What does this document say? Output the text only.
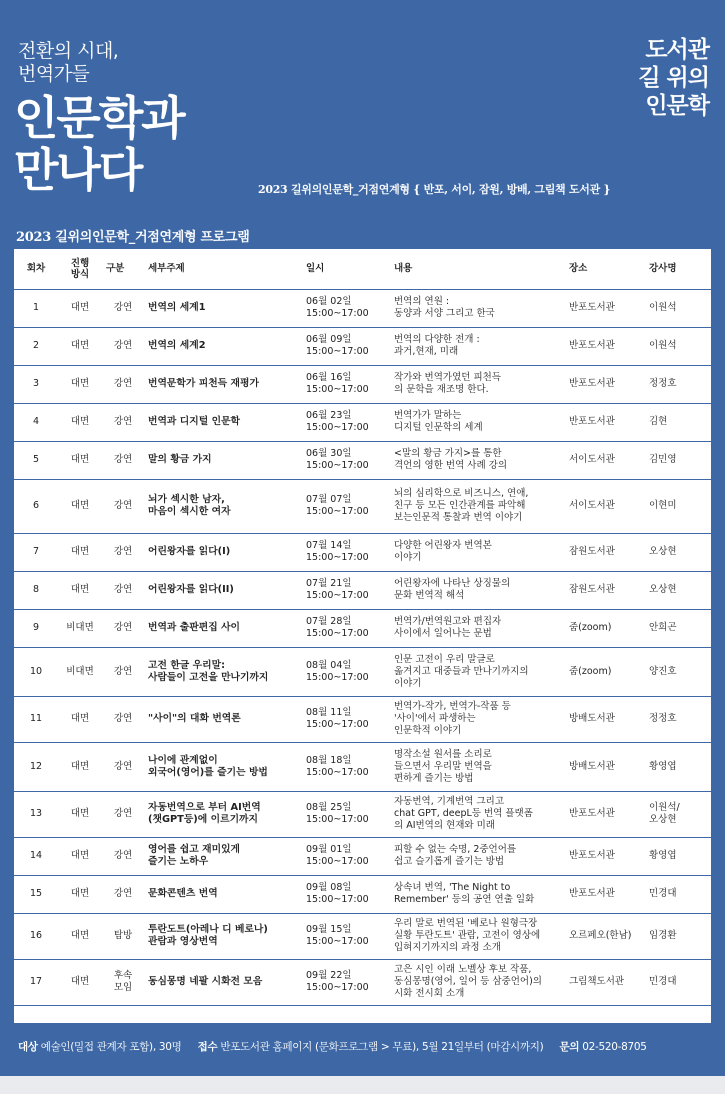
전환의 시대,
번역가들
인문학과
만나다
도서관
길 위의
인문학
2023 길위의인문학_거점연계형 { 반포, 서이, 잠원, 방배, 그림책 도서관 }
2023 길위의인문학_거점연계형 프로그램
회차	진행
방식	구분	세부주제	일시	내용	장소	강사명
1	대면	강연	번역의 세계1	06월 02일
15:00~17:00	번역의 연원 :
동양과 서양 그리고 한국	반포도서관	이원석
2	대면	강연	번역의 세계2	06월 09일
15:00~17:00	번역의 다양한 전개 :
과거,현재, 미래	반포도서관	이원석
3	대면	강연	번역문학가 피천득 재평가	06월 16일
15:00~17:00	작가와 번역가였던 피천득
의 문학을 재조명 한다.	반포도서관	정정호
4	대면	강연	번역과 디지털 인문학	06월 23일
15:00~17:00	번역가가 말하는
디지털 인문학의 세계	반포도서관	김현
5	대면	강연	말의 황금 가지	06월 30일
15:00~17:00	<말의 황금 가지>를 통한
격언의 영한 번역 사례 강의	서이도서관	김민영
6	대면	강연	뇌가 섹시한 남자,
마음이 섹시한 여자	07월 07일
15:00~17:00	뇌의 심리학으로 비즈니스, 연애,
친구 등 모든 인간관계를 파악해
보는인문적 통찰과 번역 이야기	서이도서관	이현미
7	대면	강연	어린왕자를 읽다(I)	07월 14일
15:00~17:00	다양한 어린왕자 번역본
이야기	잠원도서관	오상현
8	대면	강연	어린왕자를 읽다(II)	07월 21일
15:00~17:00	어린왕자에 나타난 상징물의
문화 번역적 해석	잠원도서관	오상현
9	비대면	강연	번역과 출판편집 사이	07월 28일
15:00~17:00	번역가/번역원고와 편집자
사이에서 일어나는 문법	줌(zoom)	안희곤
10	비대면	강연	고전 한글 우리말:
사람들이 고전을 만나기까지	08월 04일
15:00~17:00	인문 고전이 우리 말글로
옮겨지고 대중들과 만나기까지의
이야기	줌(zoom)	양진호
11	대면	강연	"사이"의 대화 번역론	08월 11일
15:00~17:00	번역가-작가, 번역가-작품 등
'사이'에서 파생하는
인문학적 이야기	방배도서관	정정호
12	대면	강연	나이에 관계없이
외국어(영어)를 즐기는 방법	08월 18일
15:00~17:00	명작소설 원서를 소리로
들으면서 우리말 번역을
편하게 즐기는 방법	방배도서관	황영엽
13	대면	강연	자동번역으로 부터 AI번역
(챗GPT등)에 이르기까지	08월 25일
15:00~17:00	자동번역, 기계번역 그리고
chat GPT, deepL등 번역 플랫폼
의 AI번역의 현재와 미래	반포도서관	이원석/
오상현
14	대면	강연	영어를 쉽고 재미있게
즐기는 노하우	09월 01일
15:00~17:00	피할 수 없는 숙명, 2중언어를
쉽고 슬기롭게 즐기는 방법	반포도서관	황영엽
15	대면	강연	문화콘텐츠 번역	09월 08일
15:00~17:00	상속녀 번역, 'The Night to
Remember' 등의 공연 연출 일화	반포도서관	민경대
16	대면	탐방	투란도트(아레나 디 베로나)
관람과 영상번역	09월 15일
15:00~17:00	우리 말로 번역된 '베로나 원형극장
실황 투란도트' 관람, 고전이 영상에
입혀지기까지의 과정 소개	오르페오(한남)	임경환
17	대면	후속
모임	동심몽명 네팔 시화전 모음	09월 22일
15:00~17:00	고은 시인 이래 노벨상 후보 작품,
동심몽명(영어, 일어 등 삼중언어)의
시화 전시회 소개	그림책도서관	민경대
대상 예술인(밀접 관계자 포함), 30명 접수 반포도서관 홈페이지 (문화프로그램 > 무료), 5월 21일부터 (마감시까지) 문의 02-520-8705
